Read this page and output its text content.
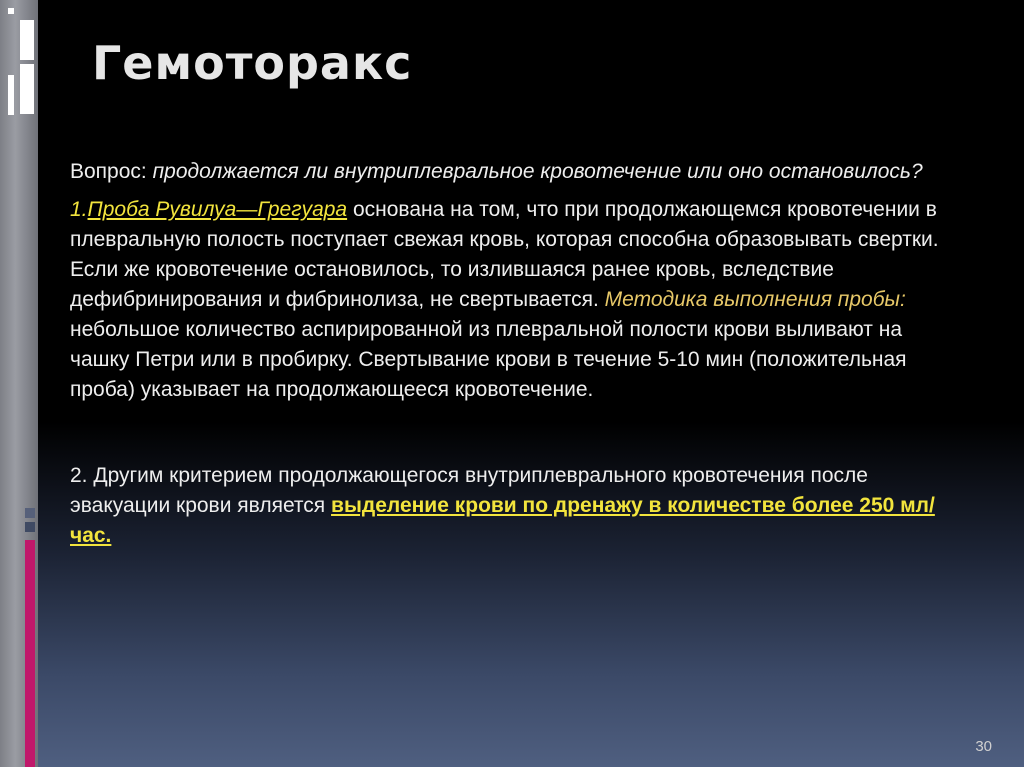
Гемоторакс

Вопрос: продолжается ли внутриплевральное кровотечение или оно остановилось?

1.Проба Рувилуа—Грегуара основана на том, что при продолжающемся кровотечении в плевральную полость поступает свежая кровь, которая способна образовывать свертки. Если же кровотечение остановилось, то излившаяся ранее кровь, вследствие дефибринирования и фибринолиза, не свертывается. Методика выполнения пробы: небольшое количество аспирированной из плевральной полости крови выливают на чашку Петри или в пробирку. Свертывание крови в течение 5-10 мин (положительная проба) указывает на продолжающееся кровотечение.

2. Другим критерием продолжающегося внутриплеврального кровотечения после эвакуации крови является выделение крови по дренажу в количестве более 250 мл/час.

30
